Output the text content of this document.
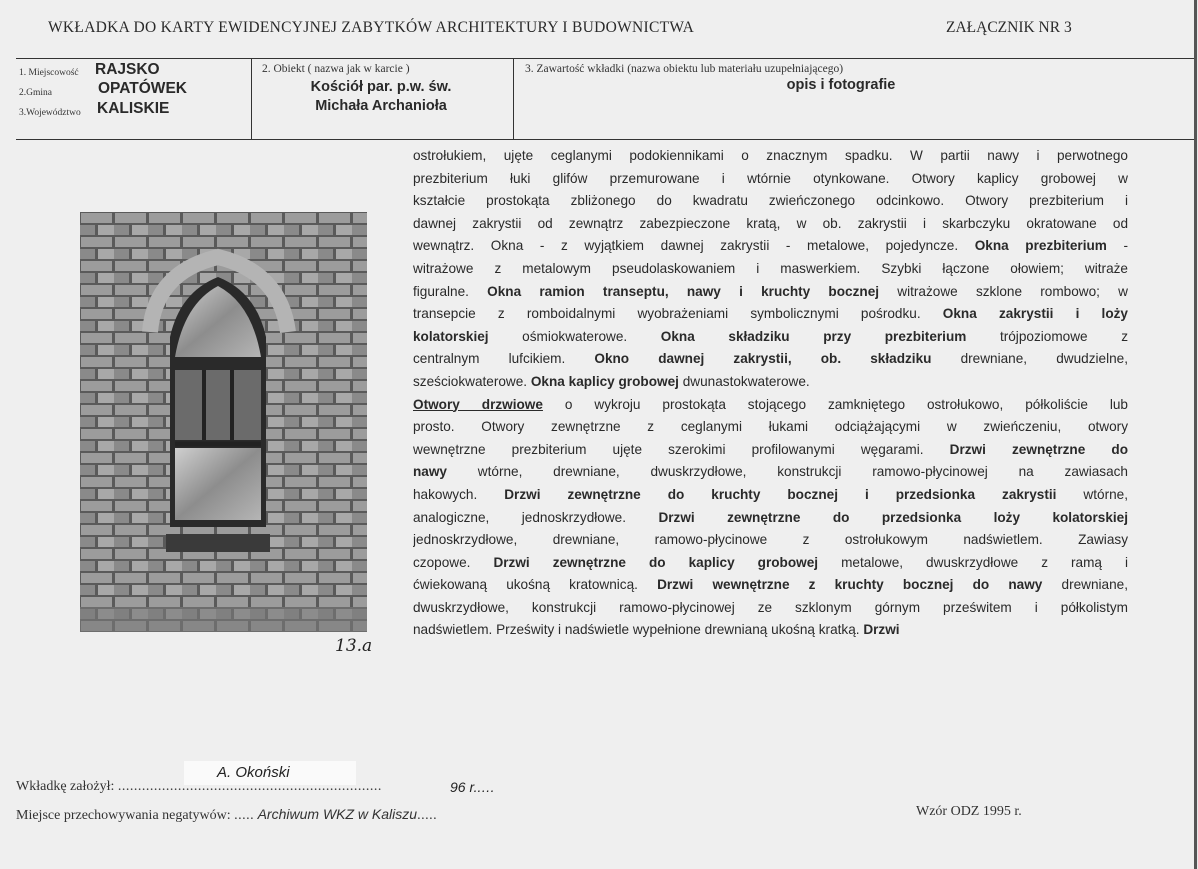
WKŁADKA DO KARTY EWIDENCYJNEJ ZABYTKÓW ARCHITEKTURY I BUDOWNICTWA	ZAŁĄCZNIK NR 3
1. Miejscowość RAJSKO
2.Gmina	OPATÓWEK
3.Województwo KALISKIE
2. Obiekt ( nazwa jak w karcie )
Kościół par. p.w. św.
Michała Archanioła
3. Zawartość wkładki (nazwa obiektu lub materiału uzupełniającego)
opis i fotografie
13.a
ostrołukiem, ujęte ceglanymi podokiennikami o znacznym spadku. W partii nawy i perwotnego
prezbiterium łuki glifów przemurowane i wtórnie otynkowane. Otwory kaplicy grobowej w
kształcie prostokąta zbliżonego do kwadratu zwieńczonego odcinkowo. Otwory prezbiterium i
dawnej zakrystii od zewnątrz zabezpieczone kratą, w ob. zakrystii i skarbczyku okratowane od
wewnątrz. Okna - z wyjątkiem dawnej zakrystii - metalowe, pojedyncze. Okna prezbiterium -
witrażowe z metalowym pseudolaskowaniem i maswerkiem. Szybki łączone ołowiem; witraże
figuralne. Okna ramion transeptu, nawy i kruchty bocznej witrażowe szklone rombowo; w
transepcie z romboidalnymi wyobrażeniami symbolicznymi pośrodku. Okna zakrystii i loży
kolatorskiej ośmiokwaterowe. Okna składziku przy prezbiterium trójpoziomowe z
centralnym lufcikiem. Okno dawnej zakrystii, ob. składziku drewniane, dwudzielne,
sześciokwaterowe. Okna kaplicy grobowej dwunastokwaterowe.
Otwory drzwiowe o wykroju prostokąta stojącego zamkniętego ostrołukowo, półkoliście lub
prosto. Otwory zewnętrzne z ceglanymi łukami odciążającymi w zwieńczeniu, otwory
wewnętrzne prezbiterium ujęte szerokimi profilowanymi węgarami. Drzwi zewnętrzne do
nawy wtórne, drewniane, dwuskrzydłowe, konstrukcji ramowo-płycinowej na zawiasach
hakowych. Drzwi zewnętrzne do kruchty bocznej i przedsionka zakrystii wtórne,
analogiczne, jednoskrzydłowe. Drzwi zewnętrzne do przedsionka loży kolatorskiej
jednoskrzydłowe, drewniane, ramowo-płycinowe z ostrołukowym nadświetlem. Zawiasy
czopowe. Drzwi zewnętrzne do kaplicy grobowej metalowe, dwuskrzydłowe z ramą i
ćwiekowaną ukośną kratownicą. Drzwi wewnętrzne z kruchty bocznej do nawy drewniane,
dwuskrzydłowe, konstrukcji ramowo-płycinowej ze szklonym górnym prześwitem i półkolistym
nadświetlem. Prześwity i nadświetle wypełnione drewnianą ukośną kratką. Drzwi
A. Okoński
Wkładkę założył: ..................................................................	96 r.....
Miejsce przechowywania negatywów: ..... Archiwum WKZ w Kaliszu.....	Wzór ODZ 1995 r.
